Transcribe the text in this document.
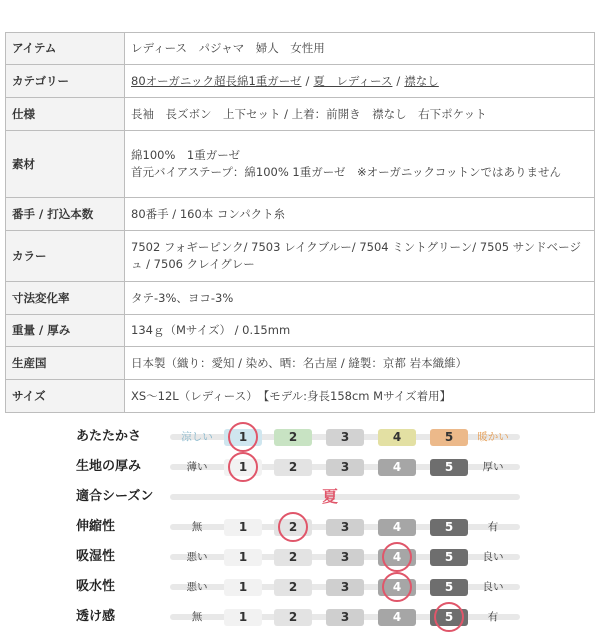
アイテム	レディース　パジャマ　婦人　女性用
カテゴリー	80オーガニック超長綿1重ガーゼ / 夏　レディース / 襟なし
仕様	長袖　長ズボン　上下セット / 上着：前開き　襟なし　右下ポケット
素材	綿100%　1重ガーゼ
首元バイアステープ：綿100% 1重ガーゼ　※オーガニックコットンではありません

番手 / 打込本数	80番手 / 160本 コンパクト糸
カラー	7502 フォギーピンク/ 7503 レイクブルー/ 7504 ミントグリーン/ 7505 サンドベージュ / 7506 クレイグレー
寸法変化率	タテ-3%、ヨコ-3%
重量 / 厚み	134ｇ（Mサイズ） / 0.15mm
生産国	日本製（織り：愛知 / 染め、晒：名古屋 / 縫製：京都 岩本織維）
サイズ	XS〜12L（レディース）　【モデル:身長158cm Mサイズ着用】
あたたかさ	涼しい	暖かい
1	2	3	4	5
生地の厚み	薄い	厚い
1	2	3	4	5
適合シーズン	夏
伸縮性	無	有
1	2	3	4	5
吸湿性	悪い	良い
1	2	3	4	5
吸水性	悪い	良い
1	2	3	4	5
透け感	無	有
1	2	3	4	5
